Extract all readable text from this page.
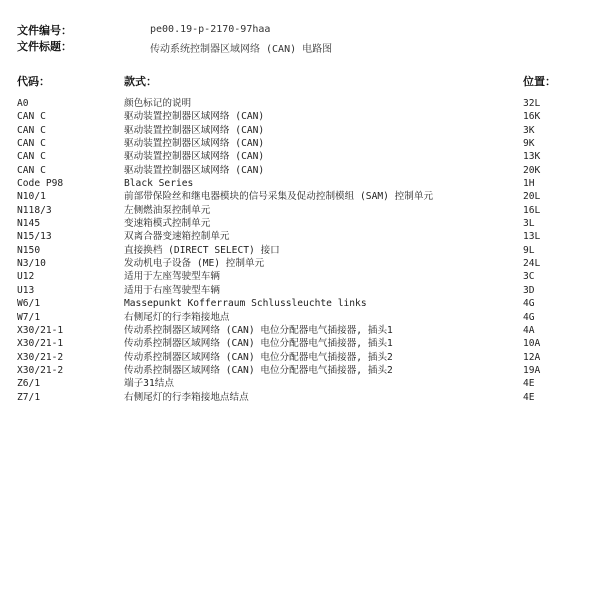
文件编号：	pe00.19-p-2170-97haa
文件标题：	传动系统控制器区域网络 (CAN) 电路图
代码：	款式：	位置：
A0	颜色标记的说明	32L
CAN C	驱动装置控制器区域网络 (CAN)	16K
CAN C	驱动装置控制器区域网络 (CAN)	3K
CAN C	驱动装置控制器区域网络 (CAN)	9K
CAN C	驱动装置控制器区域网络 (CAN)	13K
CAN C	驱动装置控制器区域网络 (CAN)	20K
Code P98	Black Series	1H
N10/1	前部带保险丝和继电器模块的信号采集及促动控制模组 (SAM) 控制单元	20L
N118/3	左侧燃油泵控制单元	16L
N145	变速箱模式控制单元	3L
N15/13	双离合器变速箱控制单元	13L
N150	直接换档 (DIRECT SELECT) 接口	9L
N3/10	发动机电子设备 (ME) 控制单元	24L
U12	适用于左座驾驶型车辆	3C
U13	适用于右座驾驶型车辆	3D
W6/1	Massepunkt Kofferraum Schlussleuchte links	4G
W7/1	右侧尾灯的行李箱接地点	4G
X30/21-1	传动系控制器区域网络 (CAN) 电位分配器电气插接器, 插头1	4A
X30/21-1	传动系控制器区域网络 (CAN) 电位分配器电气插接器, 插头1	10A
X30/21-2	传动系控制器区域网络 (CAN) 电位分配器电气插接器, 插头2	12A
X30/21-2	传动系控制器区域网络 (CAN) 电位分配器电气插接器, 插头2	19A
Z6/1	端子31结点	4E
Z7/1	右侧尾灯的行李箱接地点结点	4E
